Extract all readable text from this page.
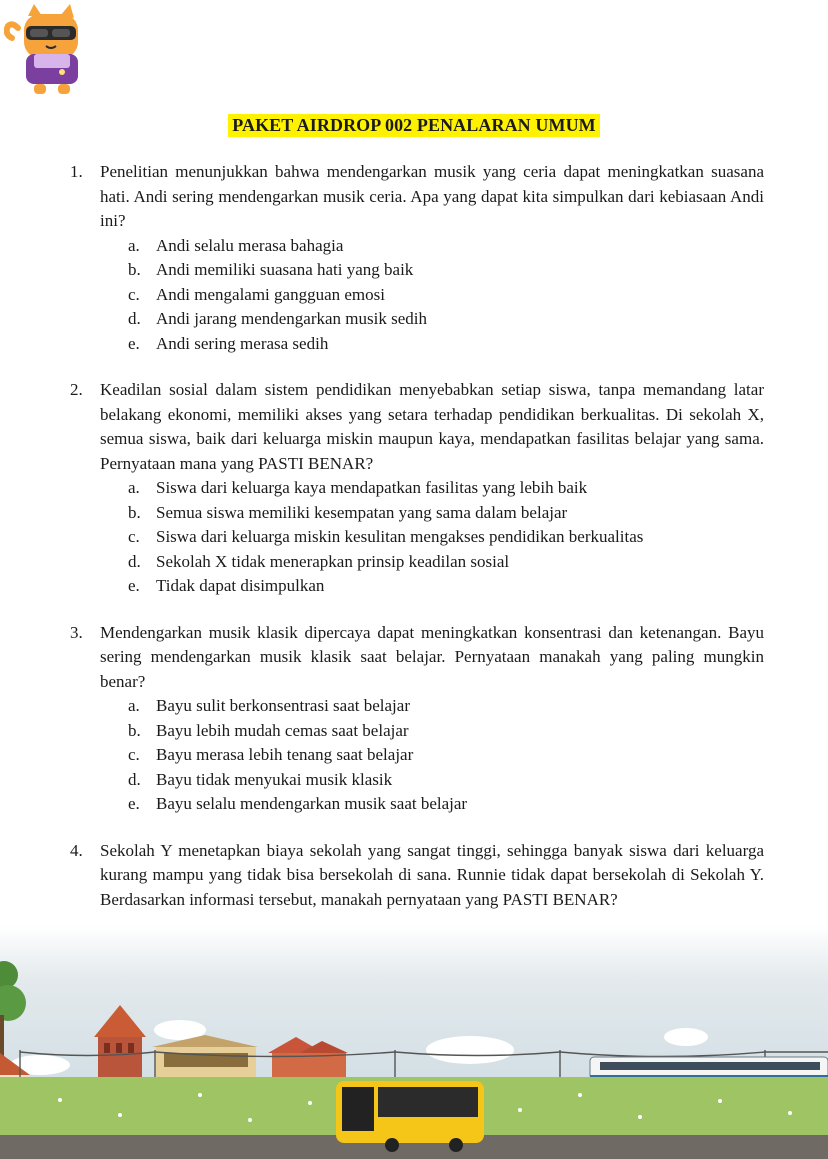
PAKET AIRDROP 002 PENALARAN UMUM
1.	Penelitian menunjukkan bahwa mendengarkan musik yang ceria dapat meningkatkan suasana hati. Andi sering mendengarkan musik ceria. Apa yang dapat kita simpulkan dari kebiasaan Andi ini?

a. Andi selalu merasa bahagia
b. Andi memiliki suasana hati yang baik
c. Andi mengalami gangguan emosi
d. Andi jarang mendengarkan musik sedih
e. Andi sering merasa sedih
2.	Keadilan sosial dalam sistem pendidikan menyebabkan setiap siswa, tanpa memandang latar belakang ekonomi, memiliki akses yang setara terhadap pendidikan berkualitas. Di sekolah X, semua siswa, baik dari keluarga miskin maupun kaya, mendapatkan fasilitas belajar yang sama. Pernyataan mana yang PASTI BENAR?

a. Siswa dari keluarga kaya mendapatkan fasilitas yang lebih baik
b. Semua siswa memiliki kesempatan yang sama dalam belajar
c. Siswa dari keluarga miskin kesulitan mengakses pendidikan berkualitas
d. Sekolah X tidak menerapkan prinsip keadilan sosial
e. Tidak dapat disimpulkan
3.	Mendengarkan musik klasik dipercaya dapat meningkatkan konsentrasi dan ketenangan. Bayu sering mendengarkan musik klasik saat belajar. Pernyataan manakah yang paling mungkin benar?

a. Bayu sulit berkonsentrasi saat belajar
b. Bayu lebih mudah cemas saat belajar
c. Bayu merasa lebih tenang saat belajar
d. Bayu tidak menyukai musik klasik
e. Bayu selalu mendengarkan musik saat belajar
4.	Sekolah Y menetapkan biaya sekolah yang sangat tinggi, sehingga banyak siswa dari keluarga kurang mampu yang tidak bisa bersekolah di sana. Runnie tidak dapat bersekolah di Sekolah Y. Berdasarkan informasi tersebut, manakah pernyataan yang PASTI BENAR?
